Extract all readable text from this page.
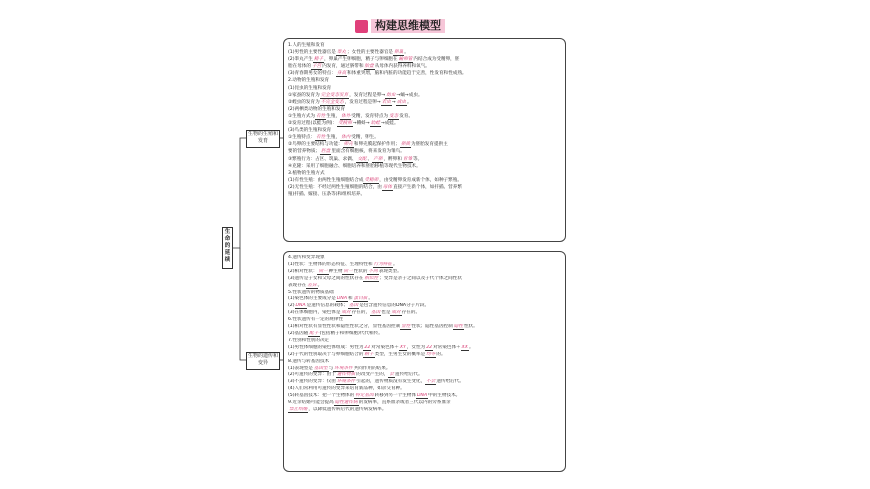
构建思维模型
生命的延续
生物的生殖和发育
生物的遗传和变异
1.人的生殖和发育
(1)男性的主要性器官是睾丸；女性的主要性器官是卵巢。
(2)睾丸产生精子，卵巢产生卵细胞，精子与卵细胞在输卵管内结合成为受精卵，胚
胎在母体的子宫内发育，通过脐带和胎盘从母体内获得养料和氧气。
(3)青春期男女的特点：身高和体重突增，脑和内脏的功能趋于完善，性发育和性成熟。
2.动物的生殖和发育
(1)昆虫的生殖和发育
①家蚕的发育为完全变态发育，发育过程是卵→幼虫→蛹→成虫。
②蝗虫的发育为不完全变态，发育过程是卵→若虫→成虫。
(2)两栖类动物的生殖和发育
①生殖方式为有性生殖，体外受精，发育特点为变态发育。
②发育过程(以蛙为例)：受精卵→蝌蚪→幼蛙→成蛙。
(3)鸟类的生殖和发育
①生殖特点：有性生殖，体内受精，卵生。
②鸟卵的主要结构与功能：卵壳和卵壳膜起保护作用；卵黄为胚胎发育提供主
要的营养物质；胚盘里面含有细胞核，将来发育为雏鸟。
③繁殖行为：占区、筑巢、求偶、交配、产卵，孵卵和育雏等。
④克隆：采用了细胞融合、细胞培养和胚胎移植等现代生物技术。
3.植物的生殖方式
(1)有性生殖：由两性生殖细胞结合成受精卵，由受精卵发育成新个体，如种子繁殖。
(2)无性生殖：不经过两性生殖细胞的结合，由母体直接产生新个体，如扦插、营养繁
殖(扦插、嫁接、压条等)和组织培养。
4.遗传和变异现象
(1)性状：生物体的形态特征、生理特性和行为特征。
(2)相对性状：同一种生物同一性状的不同表现类型。
(3)遗传是子女和父母之间的性状存在相似性；变异是亲子之间以及子代个体之间性状
表现存在差异。
5.性状遗传的物质基础
(1)染色体的主要成分是DNA和蛋白质。
(2)DNA是遗传信息的载体；基因是包含遗传信息的DNA分子片段。
(3)在体细胞内，染色体是成对存在的，基因也是成对存在的。
6.性状遗传有一定的规律性
(1)相对性状有显性性状和隐性性状之分，显性基因控制显性性状；隐性基因控制隐性性状。
(2)基因随配子(包括精子和卵细胞)代代相传。
7.性别和性别的决定
(1)男性体细胞的染色体组成：男性为22对常染色体＋XY，女性为22对常染色体＋XX。
(2)子代的性别取决于与卵细胞结合的精子类型，生男生女的概率是均等的。
8.遗传与转基因技术
(1)表现型是基因型与环境条件共同作用的结果。
(2)可遗传的变异：由于遗传物质的改变产生的，会遗传给后代。
(3)不遗传的变异：仅由环境条件引起的，遗传物质没有发生变化，不会遗传给后代。
(4)人们常利用可遗传的变异来培育新品种，如杂交育种。
(5)转基因技术：把一个生物体的特定基因转移到另一个生物体DNA中的生物技术。
9.近亲结婚可能会提高隐性遗传病的发病率，直系血亲或者三代以内的旁系血亲
禁止结婚，以降低遗传病后代的遗传病发病率。
